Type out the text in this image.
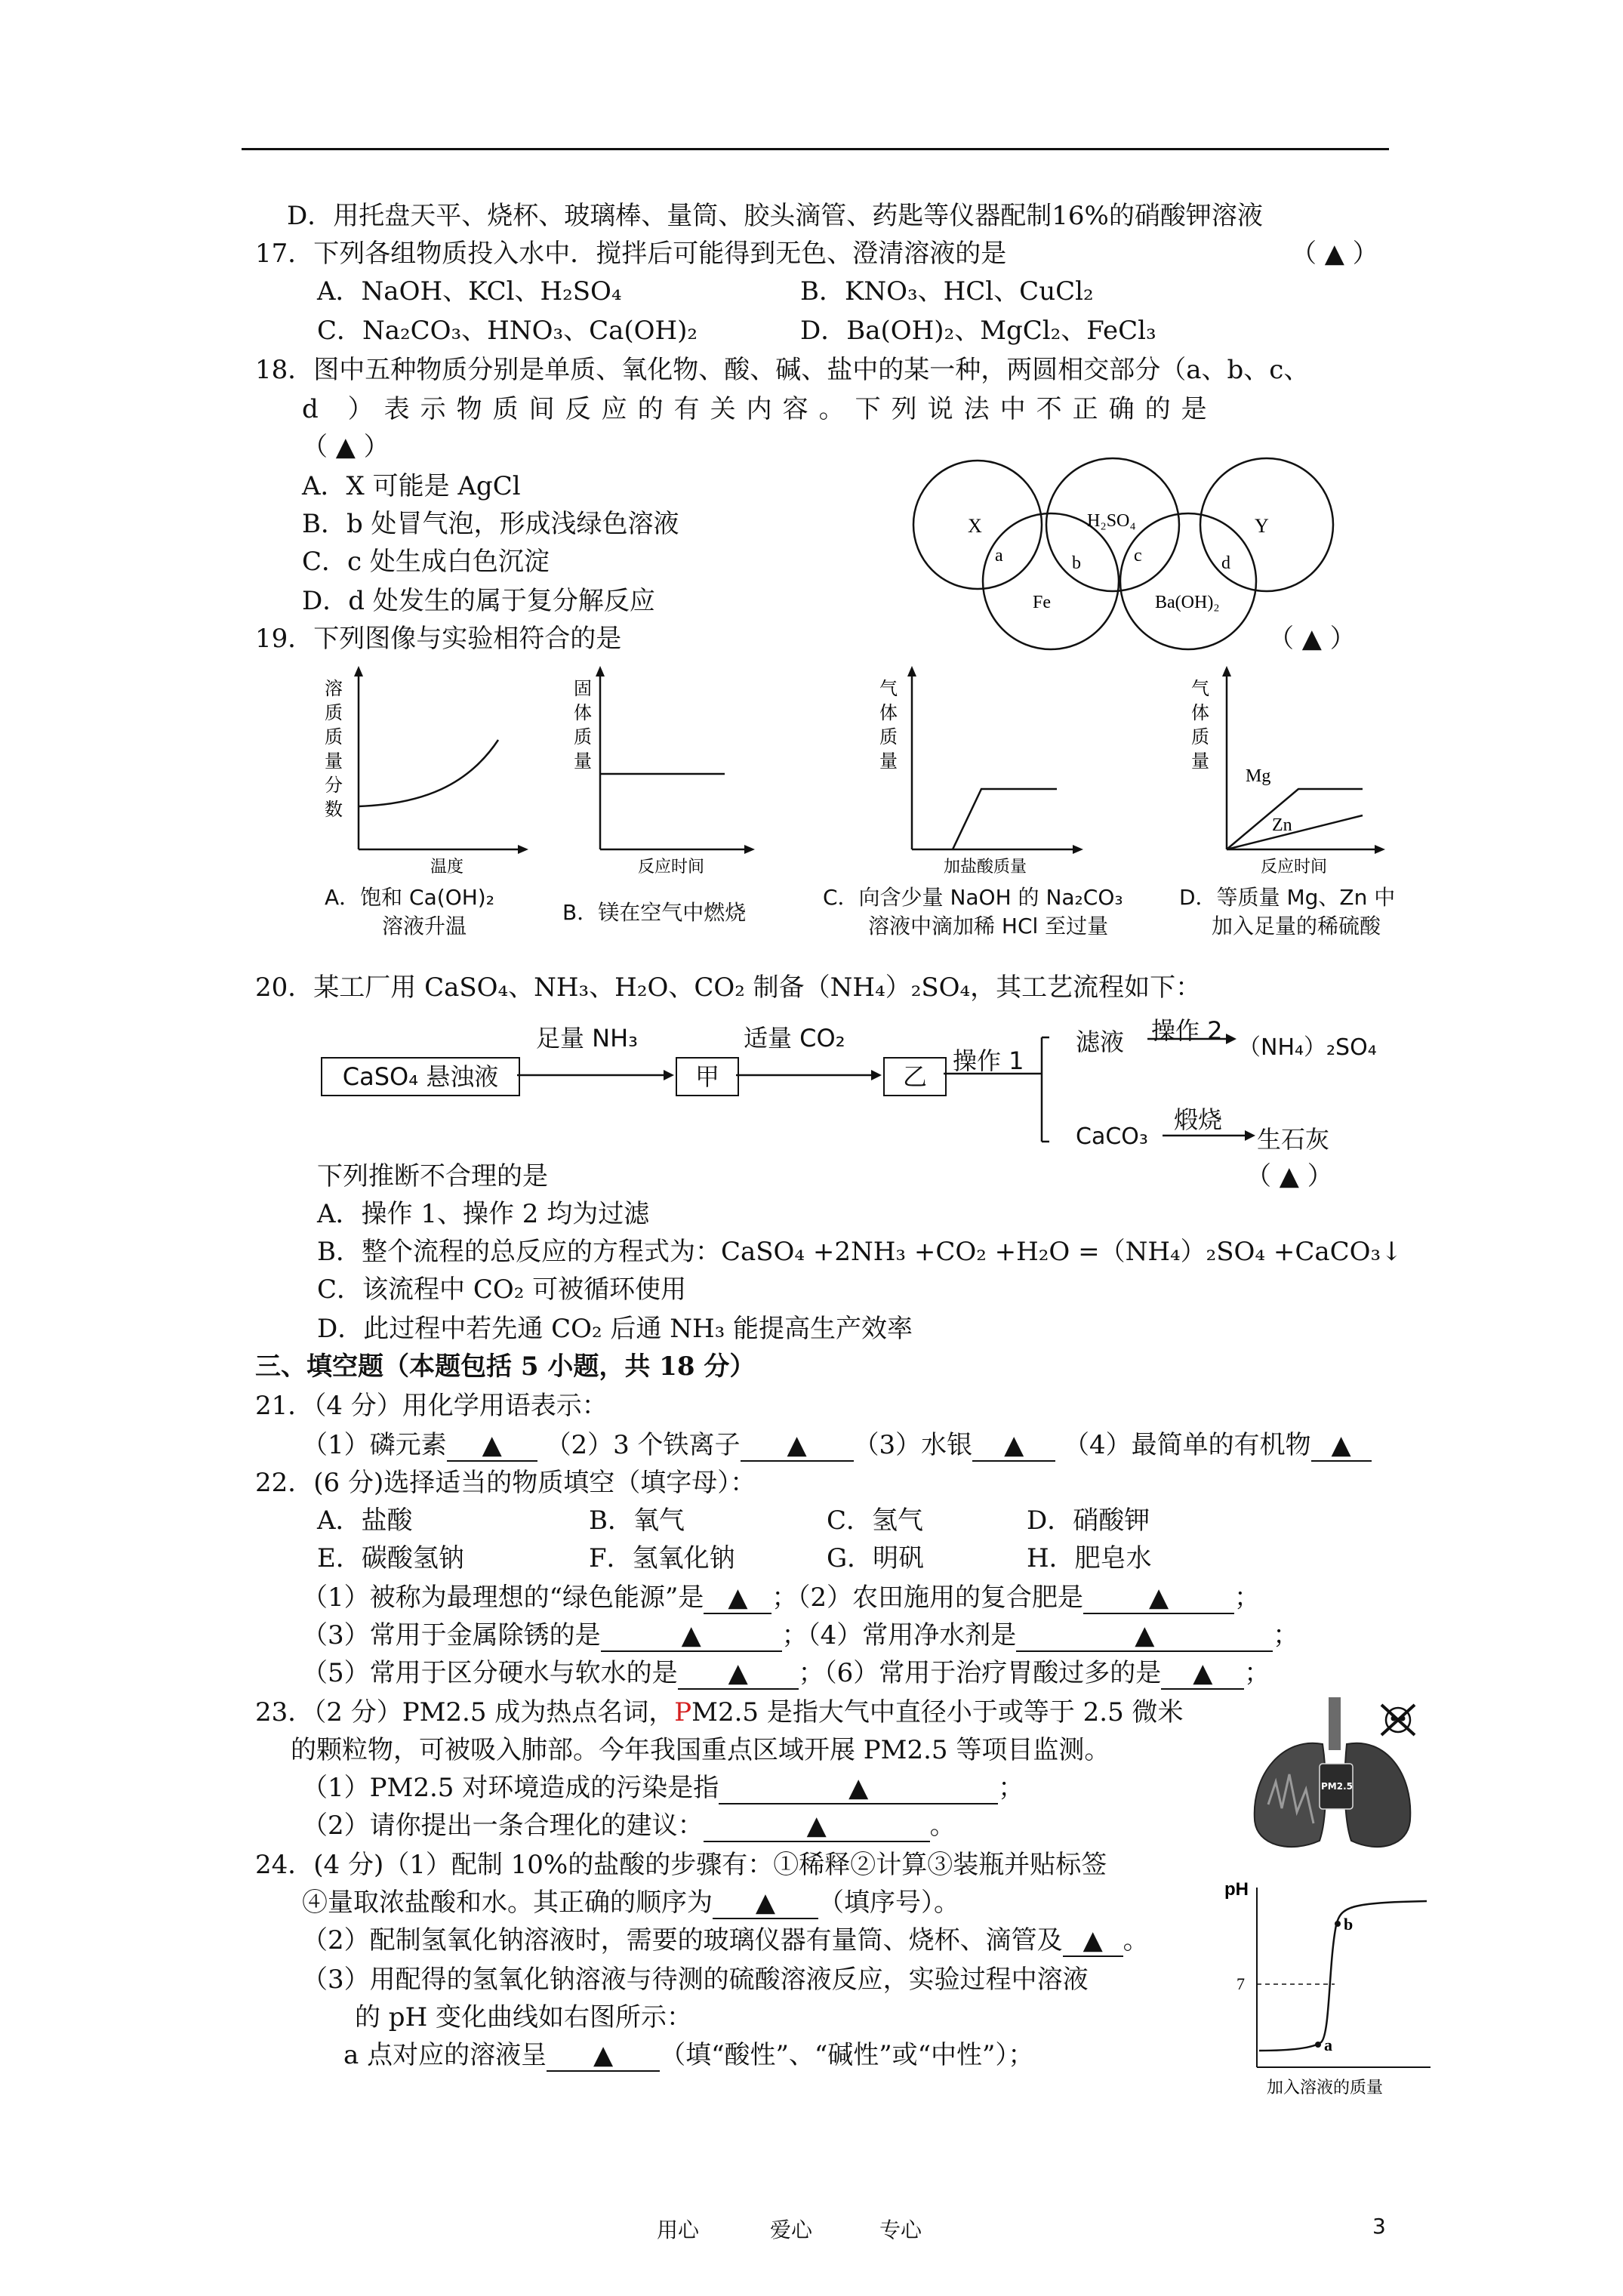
D．用托盘天平、烧杯、玻璃棒、量筒、胶头滴管、药匙等仪器配制16%的硝酸钾溶液
17．下列各组物质投入水中．搅拌后可能得到无色、澄清溶液的是	（ ▲ ）
A．NaOH、KCl、H₂SO₄	B．KNO₃、HCl、CuCl₂
C．Na₂CO₃、HNO₃、Ca(OH)₂	D．Ba(OH)₂、MgCl₂、FeCl₃
18．图中五种物质分别是单质、氧化物、酸、碱、盐中的某一种，两圆相交部分（a、b、c、
d ）表示物质间反应的有关内容。下列说法中不正确的是
（ ▲ ）
A．X 可能是 AgCl
B．b 处冒气泡，形成浅绿色溶液
C．c 处生成白色沉淀
D．d 处发生的属于复分解反应
X	H₂SO₄	Y
Fe	Ba(OH)₂
a	b	c	d
19．下列图像与实验相符合的是	（ ▲ ）
溶
质
质
量
分
数
温度
A．饱和 Ca(OH)₂
溶液升温
固
体
质
量
反应时间
B．镁在空气中燃烧
气
体
质
量
加盐酸质量
C．向含少量 NaOH 的 Na₂CO₃
溶液中滴加稀 HCl 至过量
气
体
质
量
Mg
Zn
反应时间
D．等质量 Mg、Zn 中
加入足量的稀硫酸
20．某工厂用 CaSO₄、NH₃、H₂O、CO₂ 制备（NH₄）₂SO₄，其工艺流程如下：
CaSO₄ 悬浊液
足量 NH₃
甲
适量 CO₂
乙
操作 1
滤液 操作 2
（NH₄）₂SO₄
CaCO₃
煅烧
生石灰
下列推断不合理的是	（ ▲ ）
A．操作 1、操作 2 均为过滤
B．整个流程的总反应的方程式为：CaSO₄ +2NH₃ +CO₂ +H₂O =（NH₄）₂SO₄ +CaCO₃↓
C．该流程中 CO₂ 可被循环使用
D．此过程中若先通 CO₂ 后通 NH₃ 能提高生产效率
三、填空题（本题包括 5 小题，共 18 分）
21．（4 分）用化学用语表示：
（1）磷元素 ▲ （2）3 个铁离子 ▲ （3）水银 ▲ （4）最简单的有机物 ▲
22．(6 分)选择适当的物质填空（填字母）：
A．盐酸	B．氧气	C．氢气	D．硝酸钾
E．碳酸氢钠	F．氢氧化钠	G．明矾	H．肥皂水
（1）被称为最理想的“绿色能源”是 ▲ ；（2）农田施用的复合肥是	▲	；
（3）常用于金属除锈的是	▲	；（4）常用净水剂是	▲	；
（5）常用于区分硬水与软水的是 ▲ ；（6）常用于治疗胃酸过多的是 ▲ ；
23．（2 分）PM2.5 成为热点名词，PM2.5 是指大气中直径小于或等于 2.5 微米
的颗粒物，可被吸入肺部。今年我国重点区域开展 PM2.5 等项目监测。
（1）PM2.5 对环境造成的污染是指	▲	；
（2）请你提出一条合理化的建议：	▲	。
PM2.5
24．(4 分)（1）配制 10%的盐酸的步骤有：①稀释②计算③装瓶并贴标签
④量取浓盐酸和水。其正确的顺序为 ▲ （填序号）。
（2）配制氢氧化钠溶液时，需要的玻璃仪器有量筒、烧杯、滴管及 ▲ 。
（3）用配得的氢氧化钠溶液与待测的硫酸溶液反应，实验过程中溶液
的 pH 变化曲线如右图所示：
a 点对应的溶液呈 ▲ （填“酸性”、“碱性”或“中性”）；
pH
7
a
b
加入溶液的质量
用心	爱心	专心	3
